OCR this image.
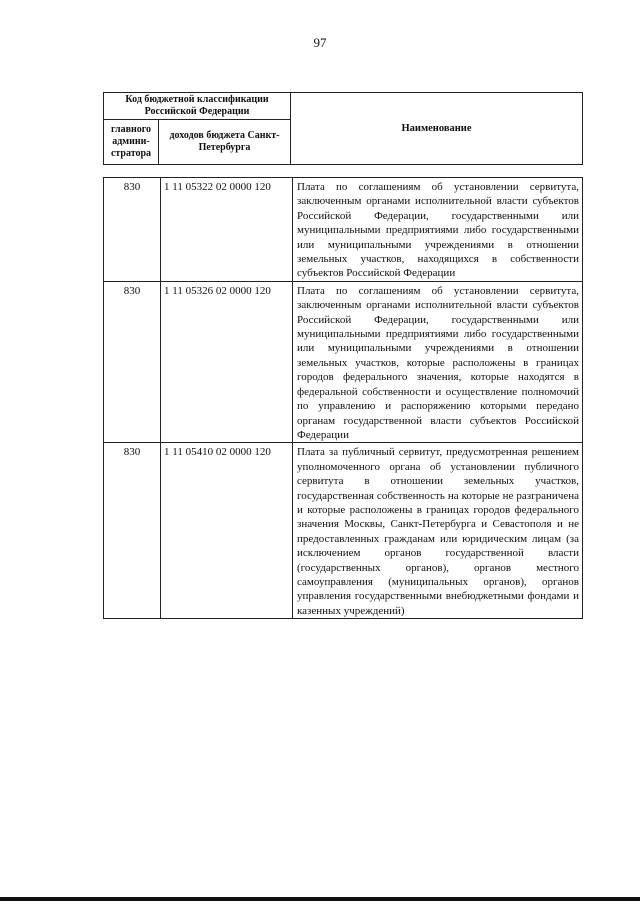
97
Код бюджетной классификации Российской Федерации		Наименование
главного админи-стратора	доходов бюджета Санкт-Петербурга	
830	1 11 05322 02 0000 120	Плата по соглашениям об установлении сервитута, заключенным органами исполнительной власти субъектов Российской Федерации, государственными или муниципальными предприятиями либо государственными или муниципальными учреждениями в отношении земельных участков, находящихся в собственности субъектов Российской Федерации
830	1 11 05326 02 0000 120	Плата по соглашениям об установлении сервитута, заключенным органами исполнительной власти субъектов Российской Федерации, государственными или муниципальными предприятиями либо государственными или муниципальными учреждениями в отношении земельных участков, которые расположены в границах городов федерального значения, которые находятся в федеральной собственности и осуществление полномочий по управлению и распоряжению которыми передано органам государственной власти субъектов Российской Федерации
830	1 11 05410 02 0000 120	Плата за публичный сервитут, предусмотренная решением уполномоченного органа об установлении публичного сервитута в отношении земельных участков, государственная собственность на которые не разграничена и которые расположены в границах городов федерального значения Москвы, Санкт-Петербурга и Севастополя и не предоставленных гражданам или юридическим лицам (за исключением органов государственной власти (государственных органов), органов местного самоуправления (муниципальных органов), органов управления государственными внебюджетными фондами и казенных учреждений)
